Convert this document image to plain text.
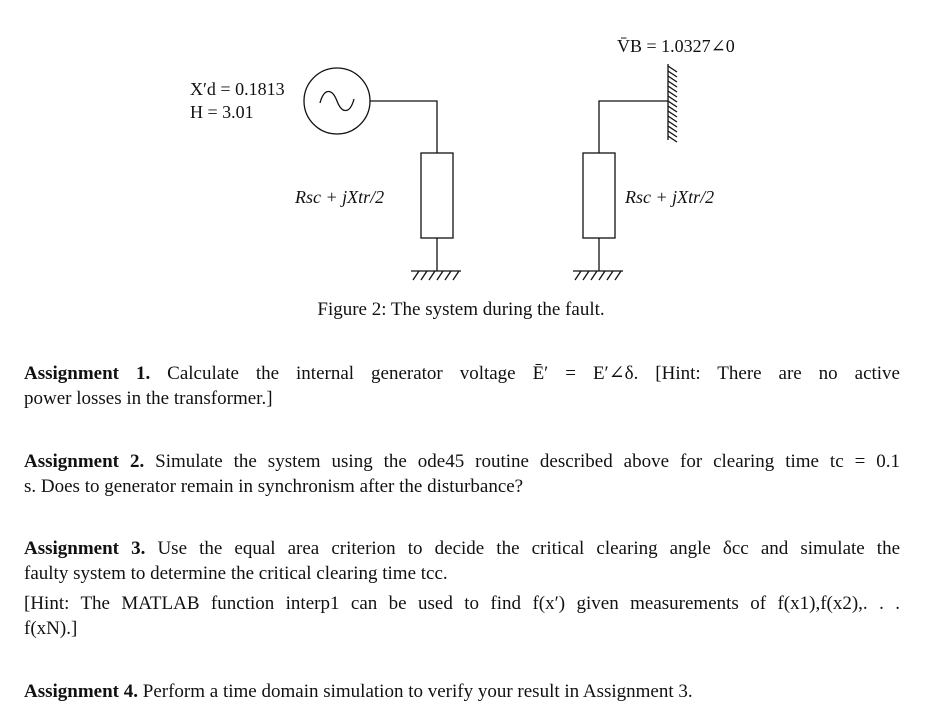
V̄B = 1.0327∠0
X′d = 0.1813
H = 3.01
Rsc + jXtr/2	Rsc + jXtr/2
Figure 2: The system during the fault.
Assignment 1. Calculate the internal generator voltage Ē′ = E′∠δ. [Hint: There are no active
power losses in the transformer.]
Assignment 2. Simulate the system using the ode45 routine described above for clearing time tc = 0.1
s. Does to generator remain in synchronism after the disturbance?
Assignment 3. Use the equal area criterion to decide the critical clearing angle δcc and simulate the
faulty system to determine the critical clearing time tcc.
[Hint: The MATLAB function interp1 can be used to find f(x′) given measurements of f(x1),f(x2),. . .
f(xN).]
Assignment 4. Perform a time domain simulation to verify your result in Assignment 3.
